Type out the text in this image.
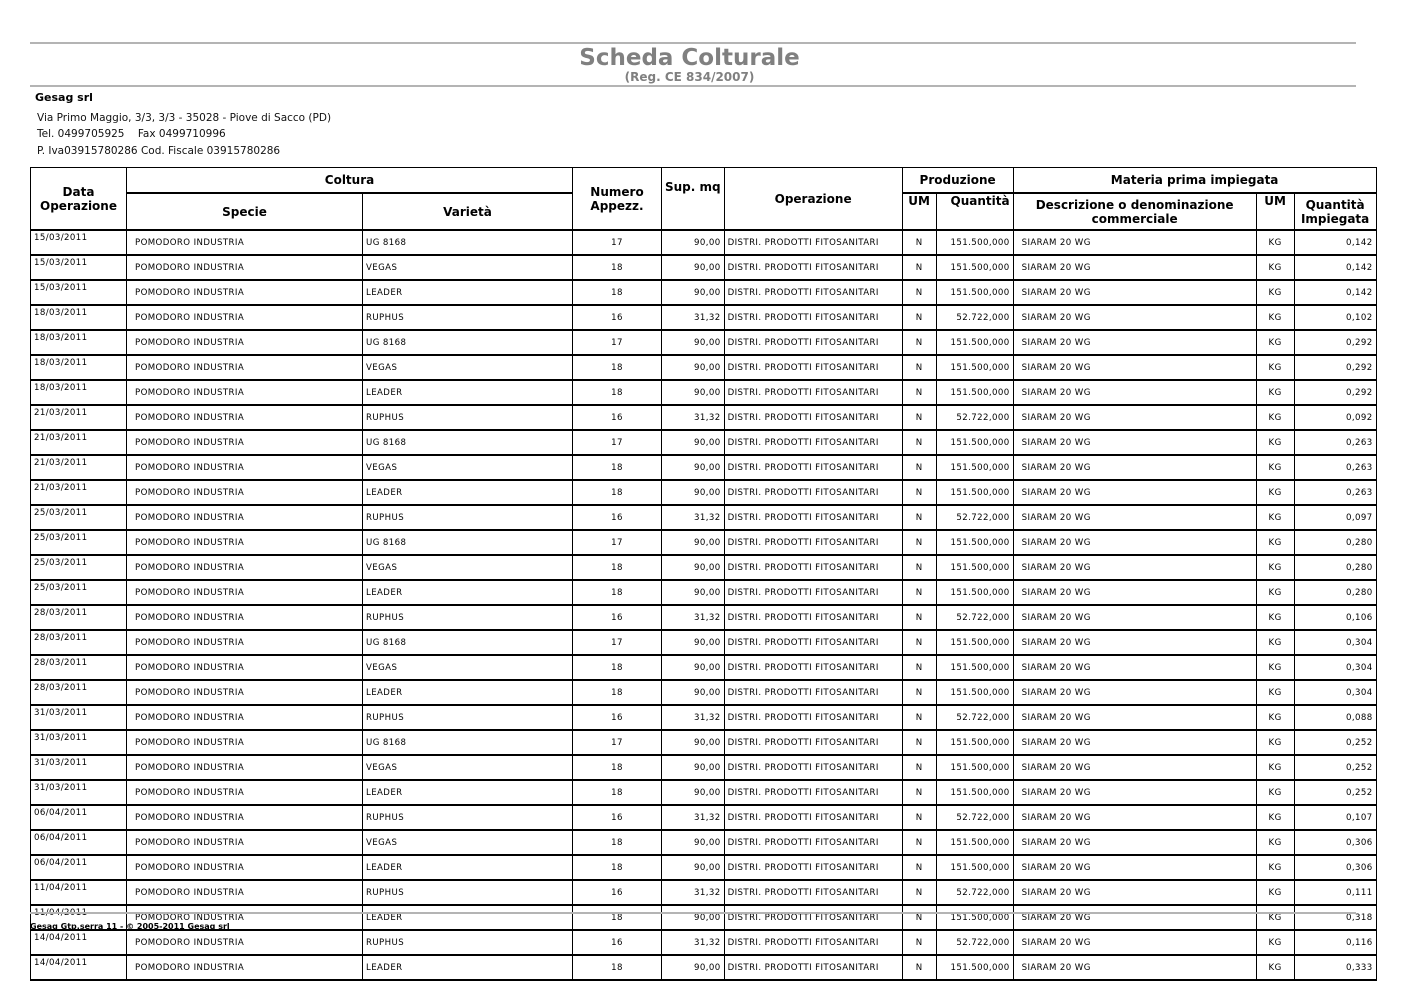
Scheda Colturale
(Reg. CE 834/2007)
Gesag srl
Via Primo Maggio, 3/3, 3/3 - 35028 - Piove di Sacco (PD)
Tel. 0499705925    Fax 0499710996
P. Iva03915780286 Cod. Fiscale 03915780286
Data Operazione	Coltura		Numero Appezz.	Sup. mq	Operazione	Produzione		Materia prima impiegata		
	Specie	Varietà				UM	Quantità	Descrizione o denominazione commerciale	UM	Quantità Impiegata
15/03/2011	POMODORO INDUSTRIA	UG 8168	17	90,00	DISTRI. PRODOTTI FITOSANITARI	N	151.500,000	SIARAM 20 WG	KG	0,142
15/03/2011	POMODORO INDUSTRIA	VEGAS	18	90,00	DISTRI. PRODOTTI FITOSANITARI	N	151.500,000	SIARAM 20 WG	KG	0,142
15/03/2011	POMODORO INDUSTRIA	LEADER	18	90,00	DISTRI. PRODOTTI FITOSANITARI	N	151.500,000	SIARAM 20 WG	KG	0,142
18/03/2011	POMODORO INDUSTRIA	RUPHUS	16	31,32	DISTRI. PRODOTTI FITOSANITARI	N	52.722,000	SIARAM 20 WG	KG	0,102
18/03/2011	POMODORO INDUSTRIA	UG 8168	17	90,00	DISTRI. PRODOTTI FITOSANITARI	N	151.500,000	SIARAM 20 WG	KG	0,292
18/03/2011	POMODORO INDUSTRIA	VEGAS	18	90,00	DISTRI. PRODOTTI FITOSANITARI	N	151.500,000	SIARAM 20 WG	KG	0,292
18/03/2011	POMODORO INDUSTRIA	LEADER	18	90,00	DISTRI. PRODOTTI FITOSANITARI	N	151.500,000	SIARAM 20 WG	KG	0,292
21/03/2011	POMODORO INDUSTRIA	RUPHUS	16	31,32	DISTRI. PRODOTTI FITOSANITARI	N	52.722,000	SIARAM 20 WG	KG	0,092
21/03/2011	POMODORO INDUSTRIA	UG 8168	17	90,00	DISTRI. PRODOTTI FITOSANITARI	N	151.500,000	SIARAM 20 WG	KG	0,263
21/03/2011	POMODORO INDUSTRIA	VEGAS	18	90,00	DISTRI. PRODOTTI FITOSANITARI	N	151.500,000	SIARAM 20 WG	KG	0,263
21/03/2011	POMODORO INDUSTRIA	LEADER	18	90,00	DISTRI. PRODOTTI FITOSANITARI	N	151.500,000	SIARAM 20 WG	KG	0,263
25/03/2011	POMODORO INDUSTRIA	RUPHUS	16	31,32	DISTRI. PRODOTTI FITOSANITARI	N	52.722,000	SIARAM 20 WG	KG	0,097
25/03/2011	POMODORO INDUSTRIA	UG 8168	17	90,00	DISTRI. PRODOTTI FITOSANITARI	N	151.500,000	SIARAM 20 WG	KG	0,280
25/03/2011	POMODORO INDUSTRIA	VEGAS	18	90,00	DISTRI. PRODOTTI FITOSANITARI	N	151.500,000	SIARAM 20 WG	KG	0,280
25/03/2011	POMODORO INDUSTRIA	LEADER	18	90,00	DISTRI. PRODOTTI FITOSANITARI	N	151.500,000	SIARAM 20 WG	KG	0,280
28/03/2011	POMODORO INDUSTRIA	RUPHUS	16	31,32	DISTRI. PRODOTTI FITOSANITARI	N	52.722,000	SIARAM 20 WG	KG	0,106
28/03/2011	POMODORO INDUSTRIA	UG 8168	17	90,00	DISTRI. PRODOTTI FITOSANITARI	N	151.500,000	SIARAM 20 WG	KG	0,304
28/03/2011	POMODORO INDUSTRIA	VEGAS	18	90,00	DISTRI. PRODOTTI FITOSANITARI	N	151.500,000	SIARAM 20 WG	KG	0,304
28/03/2011	POMODORO INDUSTRIA	LEADER	18	90,00	DISTRI. PRODOTTI FITOSANITARI	N	151.500,000	SIARAM 20 WG	KG	0,304
31/03/2011	POMODORO INDUSTRIA	RUPHUS	16	31,32	DISTRI. PRODOTTI FITOSANITARI	N	52.722,000	SIARAM 20 WG	KG	0,088
31/03/2011	POMODORO INDUSTRIA	UG 8168	17	90,00	DISTRI. PRODOTTI FITOSANITARI	N	151.500,000	SIARAM 20 WG	KG	0,252
31/03/2011	POMODORO INDUSTRIA	VEGAS	18	90,00	DISTRI. PRODOTTI FITOSANITARI	N	151.500,000	SIARAM 20 WG	KG	0,252
31/03/2011	POMODORO INDUSTRIA	LEADER	18	90,00	DISTRI. PRODOTTI FITOSANITARI	N	151.500,000	SIARAM 20 WG	KG	0,252
06/04/2011	POMODORO INDUSTRIA	RUPHUS	16	31,32	DISTRI. PRODOTTI FITOSANITARI	N	52.722,000	SIARAM 20 WG	KG	0,107
06/04/2011	POMODORO INDUSTRIA	VEGAS	18	90,00	DISTRI. PRODOTTI FITOSANITARI	N	151.500,000	SIARAM 20 WG	KG	0,306
06/04/2011	POMODORO INDUSTRIA	LEADER	18	90,00	DISTRI. PRODOTTI FITOSANITARI	N	151.500,000	SIARAM 20 WG	KG	0,306
11/04/2011	POMODORO INDUSTRIA	RUPHUS	16	31,32	DISTRI. PRODOTTI FITOSANITARI	N	52.722,000	SIARAM 20 WG	KG	0,111
11/04/2011	POMODORO INDUSTRIA	LEADER	18	90,00	DISTRI. PRODOTTI FITOSANITARI	N	151.500,000	SIARAM 20 WG	KG	0,318
14/04/2011	POMODORO INDUSTRIA	RUPHUS	16	31,32	DISTRI. PRODOTTI FITOSANITARI	N	52.722,000	SIARAM 20 WG	KG	0,116
14/04/2011	POMODORO INDUSTRIA	LEADER	18	90,00	DISTRI. PRODOTTI FITOSANITARI	N	151.500,000	SIARAM 20 WG	KG	0,333
Gesag Gtp.serra 11 - © 2005-2011 Gesag srl
